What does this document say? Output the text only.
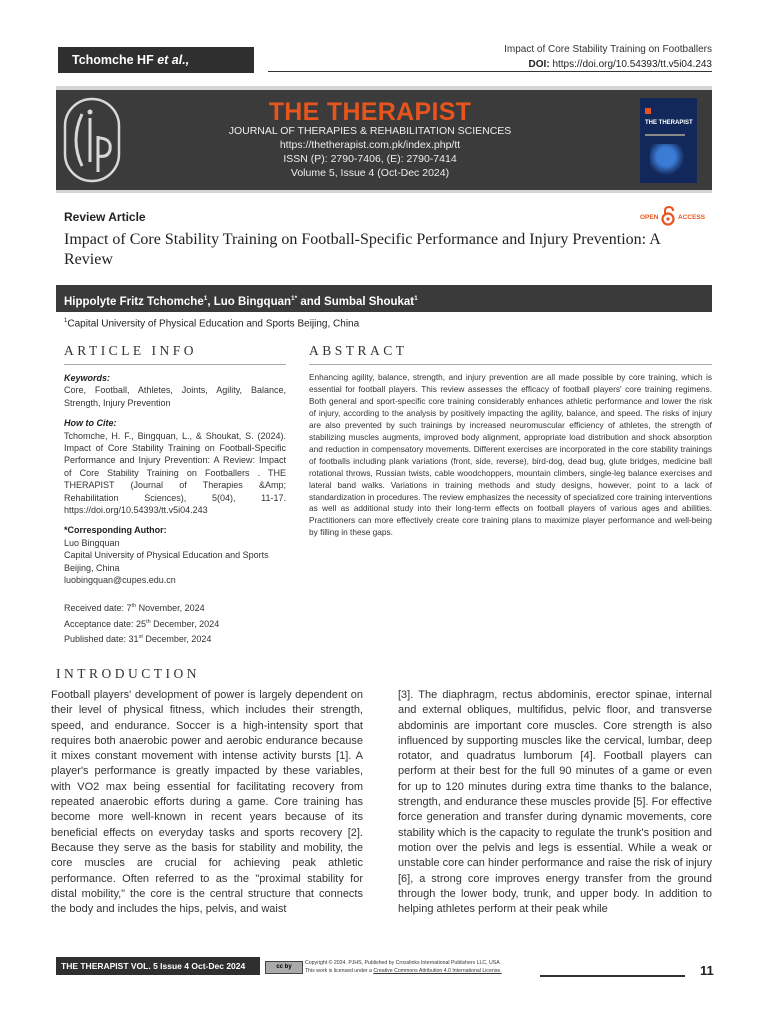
Tchomche HF et al.,
Impact of Core Stability Training on Footballers
DOI: https://doi.org/10.54393/tt.v5i04.243
THE THERAPIST
JOURNAL OF THERAPIES & REHABILITATION SCIENCES
https://thetherapist.com.pk/index.php/tt
ISSN (P): 2790-7406, (E): 2790-7414
Volume 5, Issue 4 (Oct-Dec 2024)
THE THERAPIST
Review Article	OPEN	ACCESS
Impact of Core Stability Training on Football-Specific Performance and Injury Prevention: A Review
Hippolyte Fritz Tchomche$^1$, Luo Bingquan$^{1*}$ and Sumbal Shoukat$^1$
$^1$Capital University of Physical Education and Sports Beijing, China
ARTICLE INFO	ABSTRACT

Keywords:

Core, Football, Athletes, Joints, Agility, Balance, Strength, Injury Prevention

How to Cite:

Tchomche, H. F., Bingquan, L., & Shoukat, S. (2024). Impact of Core Stability Training on Football-Specific Performance and Injury Prevention: A Review: Impact of Core Stability Training on Footballers . THE THERAPIST (Journal of Therapies &Amp; Rehabilitation Sciences), 5(04), 11-17. https://doi.org/10.54393/tt.v5i04.243

*Corresponding Author:

Luo Bingquan

Capital University of Physical Education and Sports

Beijing, China

luobingquan@cupes.edu.cn

Received date: 7th November, 2024
Acceptance date: 25th December, 2024
Published date: 31st December, 2024
Enhancing agility, balance, strength, and injury prevention are all made possible by core training, which is essential for football players. This review assesses the efficacy of football players' core training regimens. Both general and sport-specific core training considerably enhances athletic performance and lower the risk of injury, according to the analysis by positively impacting the agility, balance, and speed. The risks of injury are also prevented by such trainings by increased neuromuscular efficiency of athletes, the strength of stabilizing muscles augments, improved body alignment, appropriate load distribution and shock absorption and reduction in compensatory movements. Different exercises are incorporated in the core stability trainings of footballs including plank variations (front, side, reverse), bird-dog, dead bug, glute bridges, medicine ball rotational throws, Russian twists, cable woodchoppers, mountain climbers, single-leg balance exercises and lateral band walks. Variations in training methods and study designs, however, point to a lack of standardization in procedures. The review emphasizes the necessity of specialized core training interventions as well as additional study into their long-term effects on football players of various ages and abilities. Practitioners can more effectively create core training plans to maximize player performance and well-being by filling in these gaps.
INTRODUCTION
Football players' development of power is largely dependent on their level of physical fitness, which includes their strength, speed, and endurance. Soccer is a high-intensity sport that requires both anaerobic power and aerobic endurance because it mixes constant movement with intense activity bursts [1]. A player's performance is greatly impacted by these variables, with VO2 max being essential for facilitating recovery from repeated anaerobic efforts during a game. Core training has become more well-known in recent years because of its beneficial effects on everyday tasks and sports recovery [2]. Because they serve as the basis for stability and mobility, the core muscles are crucial for achieving peak athletic performance. Often referred to as the "proximal stability for distal mobility," the core is the central structure that connects the body and includes the hips, pelvis, and waist
[3]. The diaphragm, rectus abdominis, erector spinae, internal and external obliques, multifidus, pelvic floor, and transverse abdominis are important core muscles. Core strength is also influenced by supporting muscles like the cervical, lumbar, deep rotator, and quadratus lumborum [4]. Football players can perform at their best for the full 90 minutes of a game or even for up to 120 minutes during extra time thanks to the balance, strength, and endurance these muscles provide [5]. For effective force generation and transfer during dynamic movements, core stability which is the capacity to regulate the trunk's position and motion over the pelvis and legs is essential. While a weak or unstable core can hinder performance and raise the risk of injury [6], a strong core improves energy transfer from the ground through the lower body, trunk, and upper body. In addition to helping athletes perform at their peak while
THE THERAPIST VOL. 5 Issue 4 Oct-Dec 2024	cc by
Copyright © 2024. PJHS, Published by Crosslinks International Publishers LLC, USA
This work is licensed under a Creative Commons Attribution 4.0 International License.	11
